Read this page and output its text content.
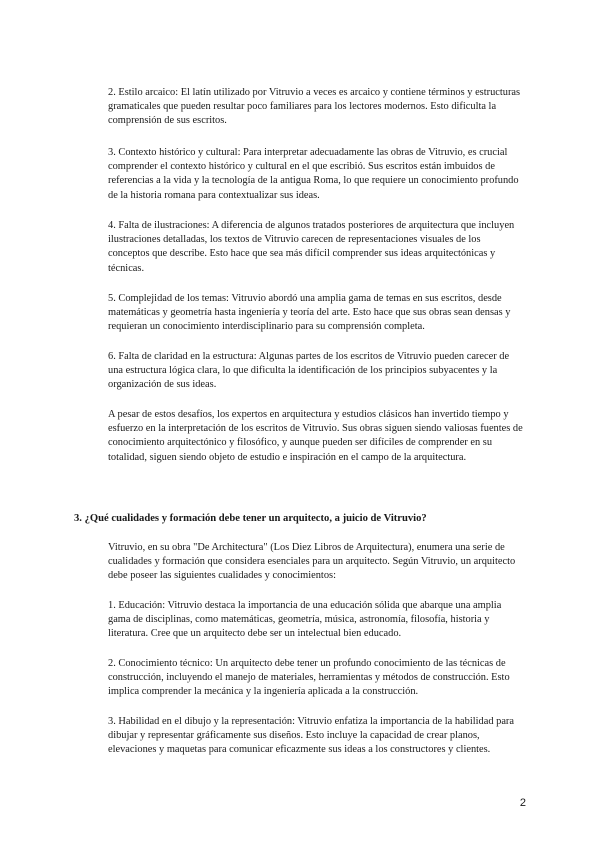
2. Estilo arcaico: El latín utilizado por Vitruvio a veces es arcaico y contiene términos y estructuras gramaticales que pueden resultar poco familiares para los lectores modernos. Esto dificulta la comprensión de sus escritos.

3. Contexto histórico y cultural: Para interpretar adecuadamente las obras de Vitruvio, es crucial comprender el contexto histórico y cultural en el que escribió. Sus escritos están imbuidos de referencias a la vida y la tecnología de la antigua Roma, lo que requiere un conocimiento profundo de la historia romana para contextualizar sus ideas.

4. Falta de ilustraciones: A diferencia de algunos tratados posteriores de arquitectura que incluyen ilustraciones detalladas, los textos de Vitruvio carecen de representaciones visuales de los conceptos que describe. Esto hace que sea más difícil comprender sus ideas arquitectónicas y técnicas.

5. Complejidad de los temas: Vitruvio abordó una amplia gama de temas en sus escritos, desde matemáticas y geometría hasta ingeniería y teoría del arte. Esto hace que sus obras sean densas y requieran un conocimiento interdisciplinario para su comprensión completa.

6. Falta de claridad en la estructura: Algunas partes de los escritos de Vitruvio pueden carecer de una estructura lógica clara, lo que dificulta la identificación de los principios subyacentes y la organización de sus ideas.

A pesar de estos desafíos, los expertos en arquitectura y estudios clásicos han invertido tiempo y esfuerzo en la interpretación de los escritos de Vitruvio. Sus obras siguen siendo valiosas fuentes de conocimiento arquitectónico y filosófico, y aunque pueden ser difíciles de comprender en su totalidad, siguen siendo objeto de estudio e inspiración en el campo de la arquitectura.

3. ¿Qué cualidades y formación debe tener un arquitecto, a juicio de Vitruvio?

Vitruvio, en su obra "De Architectura" (Los Diez Libros de Arquitectura), enumera una serie de cualidades y formación que considera esenciales para un arquitecto. Según Vitruvio, un arquitecto debe poseer las siguientes cualidades y conocimientos:

1. Educación: Vitruvio destaca la importancia de una educación sólida que abarque una amplia gama de disciplinas, como matemáticas, geometría, música, astronomía, filosofía, historia y literatura. Cree que un arquitecto debe ser un intelectual bien educado.

2. Conocimiento técnico: Un arquitecto debe tener un profundo conocimiento de las técnicas de construcción, incluyendo el manejo de materiales, herramientas y métodos de construcción. Esto implica comprender la mecánica y la ingeniería aplicada a la construcción.

3. Habilidad en el dibujo y la representación: Vitruvio enfatiza la importancia de la habilidad para dibujar y representar gráficamente sus diseños. Esto incluye la capacidad de crear planos, elevaciones y maquetas para comunicar eficazmente sus ideas a los constructores y clientes.

2
